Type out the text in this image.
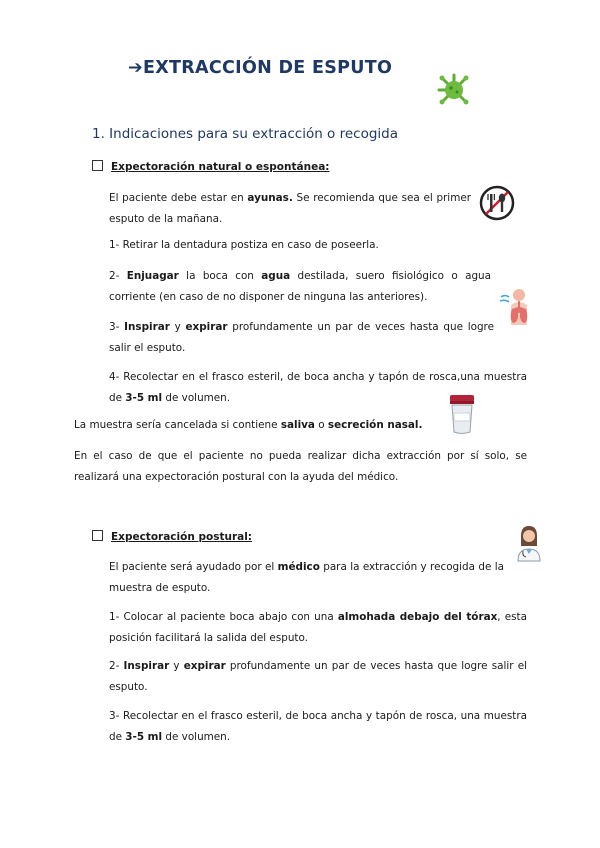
➔EXTRACCIÓN DE ESPUTO
1. Indicaciones para su extracción o recogida
Expectoración natural o espontánea:
El paciente debe estar en ayunas. Se recomienda que sea el primer esputo de la mañana.
1- Retirar la dentadura postiza en caso de poseerla.
2- Enjuagar la boca con agua destilada, suero fisiológico o agua corriente (en caso de no disponer de ninguna las anteriores).
3- Inspirar y expirar profundamente un par de veces hasta que logre salir el esputo.
4- Recolectar en el frasco esteril, de boca ancha y tapón de rosca,una muestra de 3-5 ml de volumen.
La muestra sería cancelada si contiene saliva o secreción nasal.
En el caso de que el paciente no pueda realizar dicha extracción por sí solo, se realizará una expectoración postural con la ayuda del médico.
Expectoración postural:
El paciente será ayudado por el médico para la extracción y recogida de la muestra de esputo.
1- Colocar al paciente boca abajo con una almohada debajo del tórax, esta posición facilitará la salida del esputo.
2- Inspirar y expirar profundamente un par de veces hasta que logre salir el esputo.
3- Recolectar en el frasco esteril, de boca ancha y tapón de rosca, una muestra de 3-5 ml de volumen.
